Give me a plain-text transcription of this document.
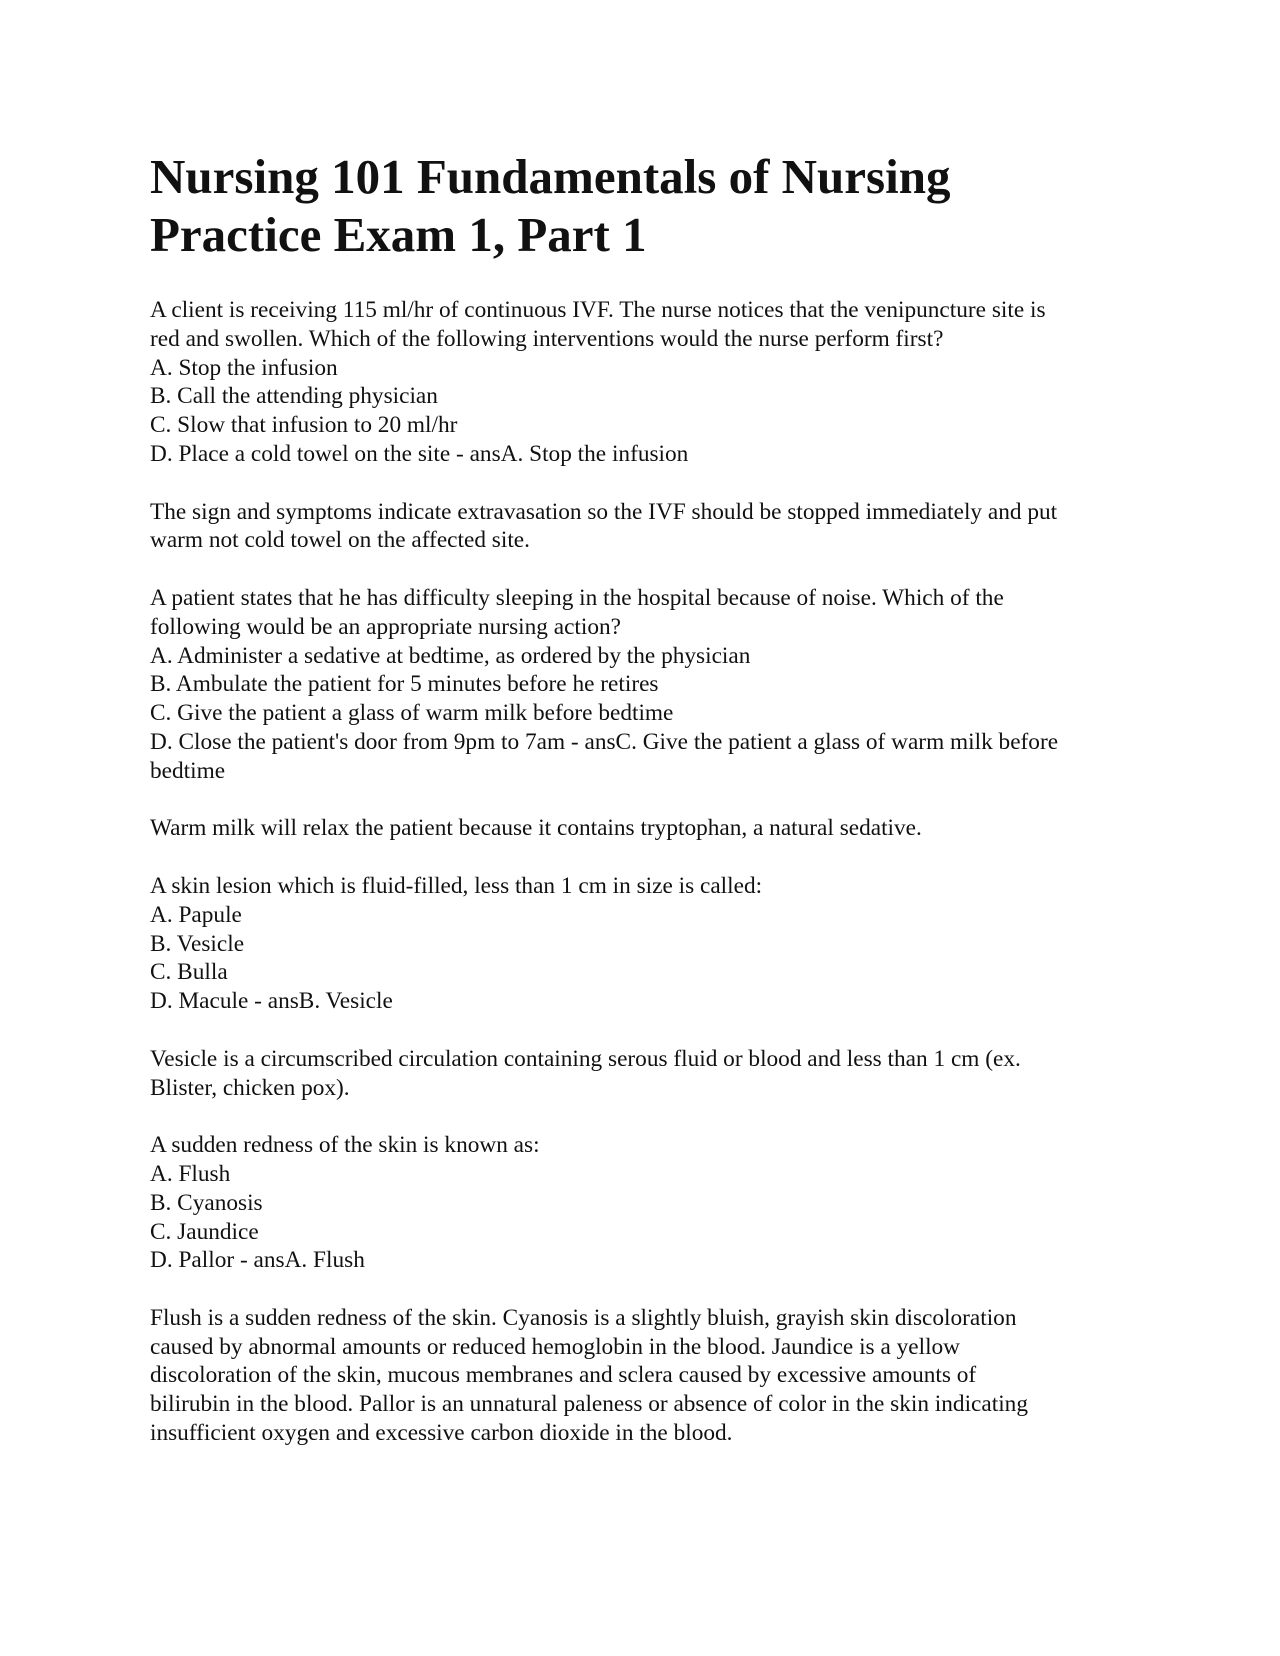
Nursing 101 Fundamentals of Nursing
Practice Exam 1, Part 1
A client is receiving 115 ml/hr of continuous IVF. The nurse notices that the venipuncture site is
red and swollen. Which of the following interventions would the nurse perform first?
A. Stop the infusion
B. Call the attending physician
C. Slow that infusion to 20 ml/hr
D. Place a cold towel on the site - ansA. Stop the infusion
The sign and symptoms indicate extravasation so the IVF should be stopped immediately and put
warm not cold towel on the affected site.
A patient states that he has difficulty sleeping in the hospital because of noise. Which of the
following would be an appropriate nursing action?
A. Administer a sedative at bedtime, as ordered by the physician
B. Ambulate the patient for 5 minutes before he retires
C. Give the patient a glass of warm milk before bedtime
D. Close the patient's door from 9pm to 7am - ansC. Give the patient a glass of warm milk before
bedtime
Warm milk will relax the patient because it contains tryptophan, a natural sedative.
A skin lesion which is fluid-filled, less than 1 cm in size is called:
A. Papule
B. Vesicle
C. Bulla
D. Macule - ansB. Vesicle
Vesicle is a circumscribed circulation containing serous fluid or blood and less than 1 cm (ex.
Blister, chicken pox).
A sudden redness of the skin is known as:
A. Flush
B. Cyanosis
C. Jaundice
D. Pallor - ansA. Flush
Flush is a sudden redness of the skin. Cyanosis is a slightly bluish, grayish skin discoloration
caused by abnormal amounts or reduced hemoglobin in the blood. Jaundice is a yellow
discoloration of the skin, mucous membranes and sclera caused by excessive amounts of
bilirubin in the blood. Pallor is an unnatural paleness or absence of color in the skin indicating
insufficient oxygen and excessive carbon dioxide in the blood.
